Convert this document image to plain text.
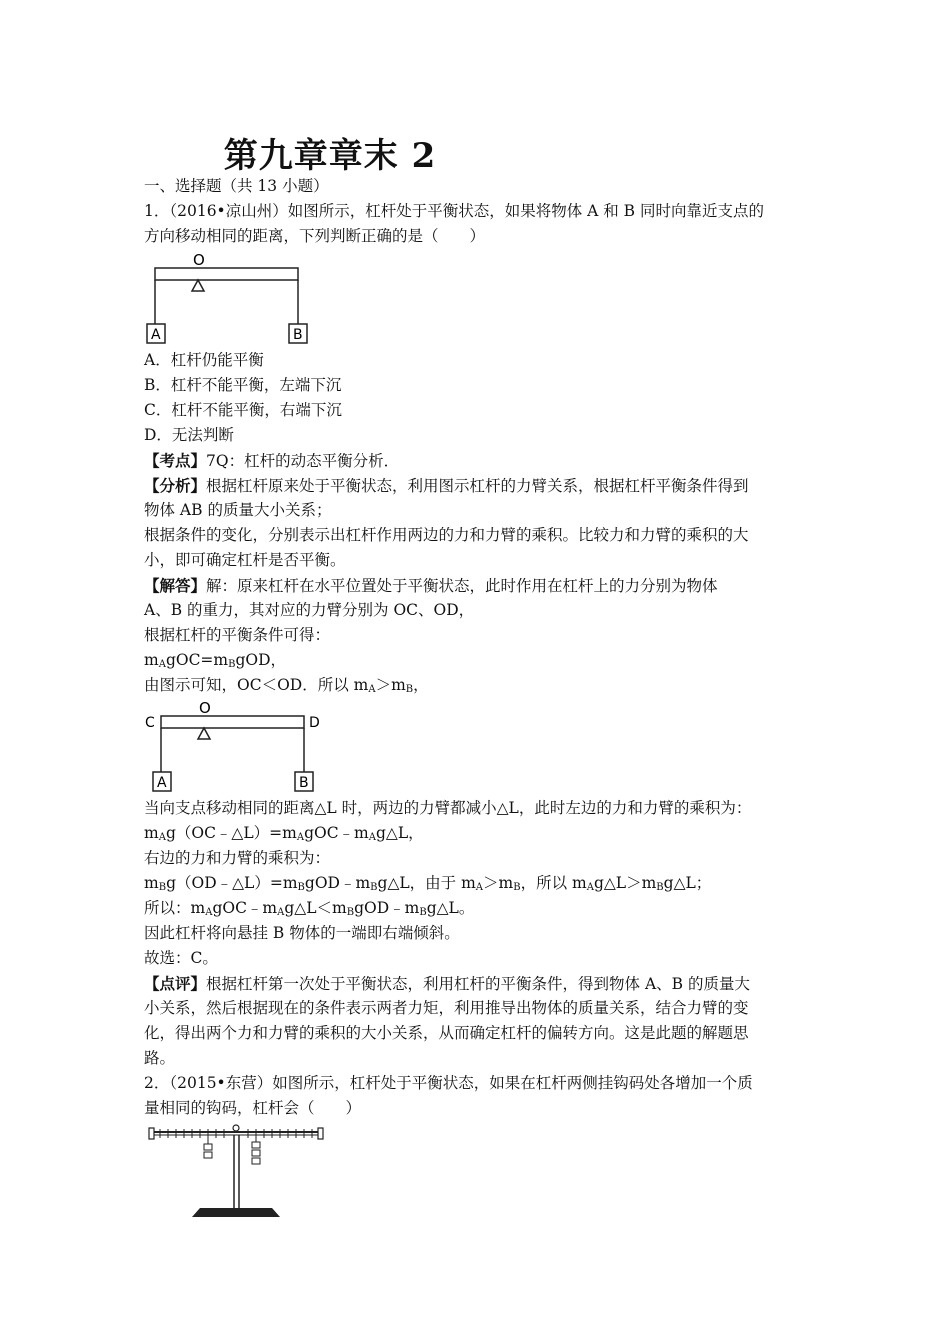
第九章章末 2
一、选择题（共 13 小题）
1．（2016•凉山州）如图所示，杠杆处于平衡状态，如果将物体 A 和 B 同时向靠近支点的
方向移动相同的距离，下列判断正确的是（　　）
O
A	B
A．杠杆仍能平衡
B．杠杆不能平衡，左端下沉
C．杠杆不能平衡，右端下沉
D．无法判断
【考点】7Q：杠杆的动态平衡分析．
【分析】根据杠杆原来处于平衡状态，利用图示杠杆的力臂关系，根据杠杆平衡条件得到
物体 AB 的质量大小关系；
根据条件的变化，分别表示出杠杆作用两边的力和力臂的乘积。比较力和力臂的乘积的大
小，即可确定杠杆是否平衡。
【解答】解：原来杠杆在水平位置处于平衡状态，此时作用在杠杆上的力分别为物体
A、B 的重力，其对应的力臂分别为 OC、OD，
根据杠杆的平衡条件可得：
$m_AgOC=m_BgOD$，
由图示可知，OC＜OD．所以 $m_A>m_B$，
C
O
D
A	B
当向支点移动相同的距离△L 时，两边的力臂都减小△L，此时左边的力和力臂的乘积为：
$m_Ag(OC﹣\triangle L)=m_AgOC﹣m_Ag\triangle L$，
右边的力和力臂的乘积为：
$m_Bg(OD﹣\triangle L)=m_BgOD﹣m_Bg\triangle L$，由于 $m_A>m_B$，所以 $m_Ag\triangle L>m_Bg\triangle L$；
所以：$m_AgOC﹣m_Ag\triangle L<m_BgOD﹣m_Bg\triangle L$。
因此杠杆将向悬挂 B 物体的一端即右端倾斜。
故选：C。
【点评】根据杠杆第一次处于平衡状态，利用杠杆的平衡条件，得到物体 A、B 的质量大
小关系，然后根据现在的条件表示两者力矩，利用推导出物体的质量关系，结合力臂的变
化，得出两个力和力臂的乘积的大小关系，从而确定杠杆的偏转方向。这是此题的解题思
路。
2．（2015•东营）如图所示，杠杆处于平衡状态，如果在杠杆两侧挂钩码处各增加一个质
量相同的钩码，杠杆会（　　）
